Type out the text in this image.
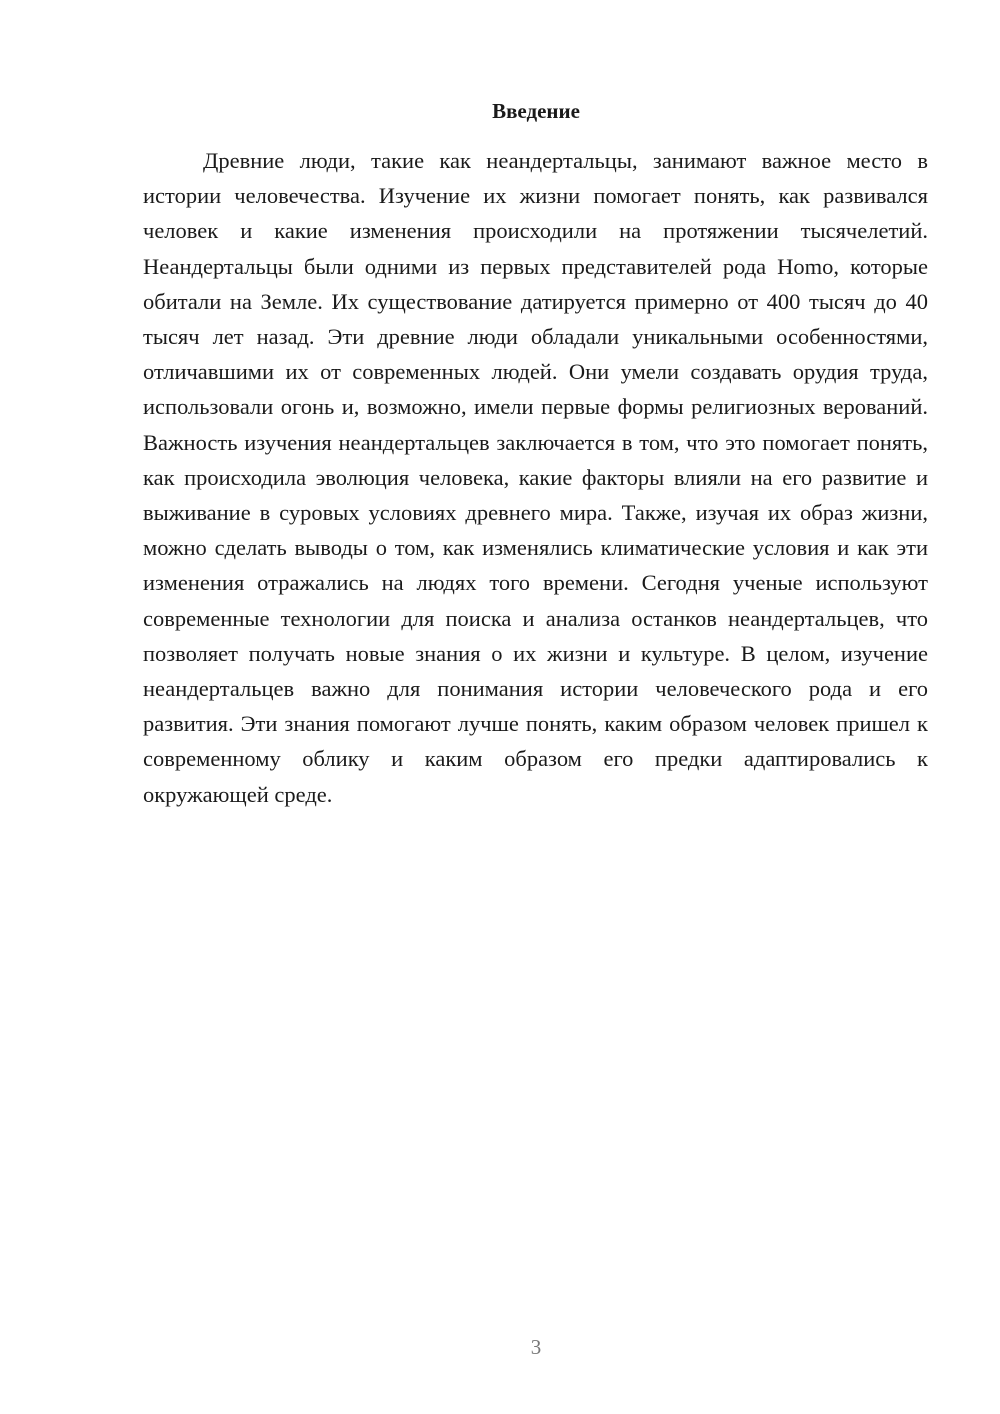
Введение

Древние люди, такие как неандертальцы, занимают важное место в истории человечества. Изучение их жизни помогает понять, как развивался человек и какие изменения происходили на протяжении тысячелетий. Неандертальцы были одними из первых представителей рода Homo, которые обитали на Земле. Их существование датируется примерно от 400 тысяч до 40 тысяч лет назад. Эти древние люди обладали уникальными особенностями, отличавшими их от современных людей. Они умели создавать орудия труда, использовали огонь и, возможно, имели первые формы религиозных верований. Важность изучения неандертальцев заключается в том, что это помогает понять, как происходила эволюция человека, какие факторы влияли на его развитие и выживание в суровых условиях древнего мира. Также, изучая их образ жизни, можно сделать выводы о том, как изменялись климатические условия и как эти изменения отражались на людях того времени. Сегодня ученые используют современные технологии для поиска и анализа останков неандертальцев, что позволяет получать новые знания о их жизни и культуре. В целом, изучение неандертальцев важно для понимания истории человеческого рода и его развития. Эти знания помогают лучше понять, каким образом человек пришел к современному облику и каким образом его предки адаптировались к окружающей среде.

3
